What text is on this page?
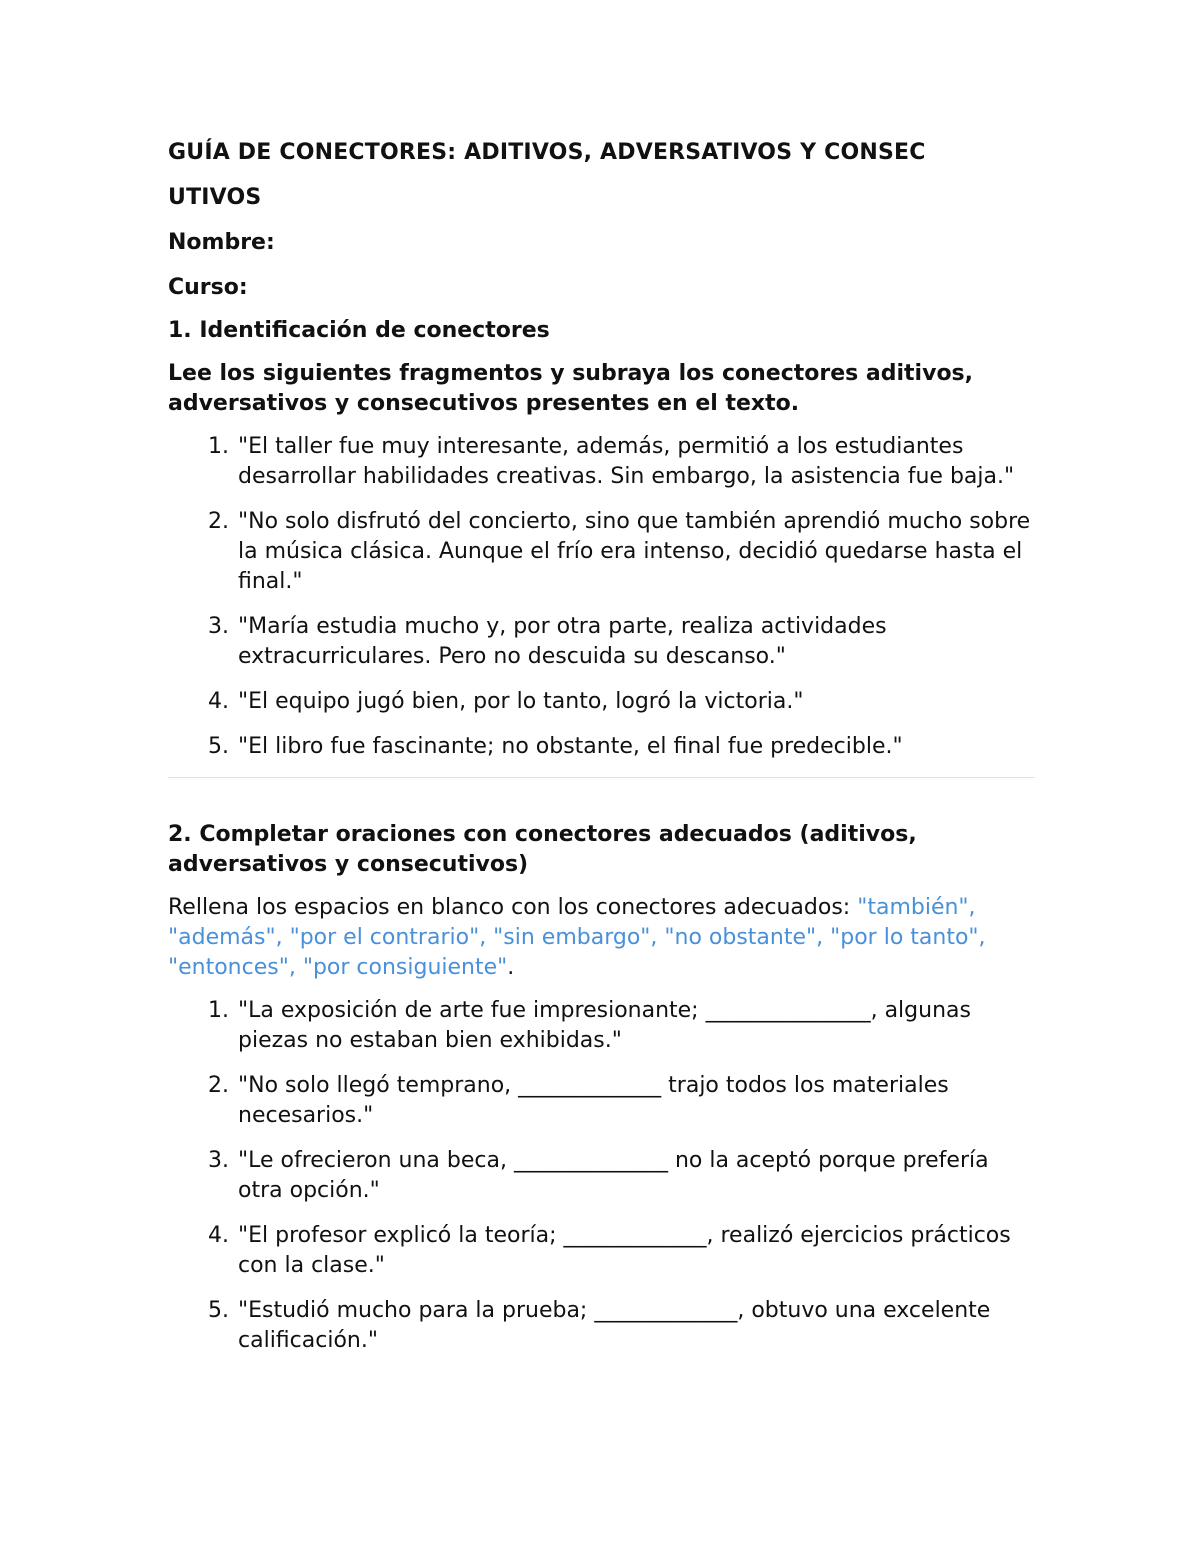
GUÍA DE CONECTORES: ADITIVOS, ADVERSATIVOS Y CONSEC
UTIVOS
Nombre:
Curso:
1. Identificación de conectores
Lee los siguientes fragmentos y subraya los conectores aditivos, adversativos y consecutivos presentes en el texto.
1. "El taller fue muy interesante, además, permitió a los estudiantes desarrollar habilidades creativas. Sin embargo, la asistencia fue baja."
2. "No solo disfrutó del concierto, sino que también aprendió mucho sobre la música clásica. Aunque el frío era intenso, decidió quedarse hasta el final."
3. "María estudia mucho y, por otra parte, realiza actividades extracurriculares. Pero no descuida su descanso."
4. "El equipo jugó bien, por lo tanto, logró la victoria."
5. "El libro fue fascinante; no obstante, el final fue predecible."
2. Completar oraciones con conectores adecuados (aditivos, adversativos y consecutivos)
Rellena los espacios en blanco con los conectores adecuados: "también", "además", "por el contrario", "sin embargo", "no obstante", "por lo tanto", "entonces", "por consiguiente".
1. "La exposición de arte fue impresionante; _______________, algunas piezas no estaban bien exhibidas."
2. "No solo llegó temprano, _____________ trajo todos los materiales necesarios."
3. "Le ofrecieron una beca, ______________ no la aceptó porque prefería otra opción."
4. "El profesor explicó la teoría; _____________, realizó ejercicios prácticos con la clase."
5. "Estudió mucho para la prueba; _____________, obtuvo una excelente calificación."
